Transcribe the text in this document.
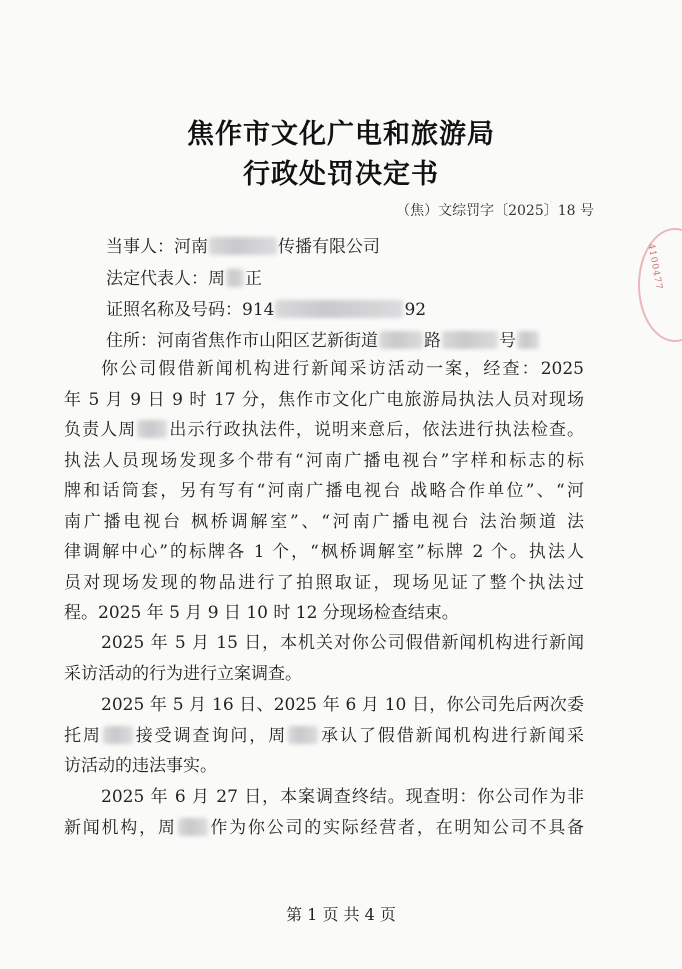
焦作市文化广电和旅游局
行政处罚决定书
（焦）文综罚字〔2025〕18 号
当事人：河南	传播有限公司
法定代表人：周 正
证照名称及号码：914	92
住所：河南省焦作市山阳区艺新街道	路	号
你公司假借新闻机构进行新闻采访活动一案，经查：2025
年 5 月 9 日 9 时 17 分，焦作市文化广电旅游局执法人员对现场
负责人周 出示行政执法件，说明来意后，依法进行执法检查。
执法人员现场发现多个带有“河南广播电视台”字样和标志的标
牌和话筒套，另有写有“河南广播电视台 战略合作单位”、“河
南广播电视台 枫桥调解室”、“河南广播电视台 法治频道 法
律调解中心”的标牌各 1 个，“枫桥调解室”标牌 2 个。执法人
员对现场发现的物品进行了拍照取证，现场见证了整个执法过
程。2025 年 5 月 9 日 10 时 12 分现场检查结束。
2025 年 5 月 15 日，本机关对你公司假借新闻机构进行新闻
采访活动的行为进行立案调查。
2025 年 5 月 16 日、2025 年 6 月 10 日，你公司先后两次委
托周 接受调查询问，周 承认了假借新闻机构进行新闻采
访活动的违法事实。
2025 年 6 月 27 日，本案调查终结。现查明：你公司作为非
新闻机构，周 作为你公司的实际经营者，在明知公司不具备
第 1 页 共 4 页
4100477
